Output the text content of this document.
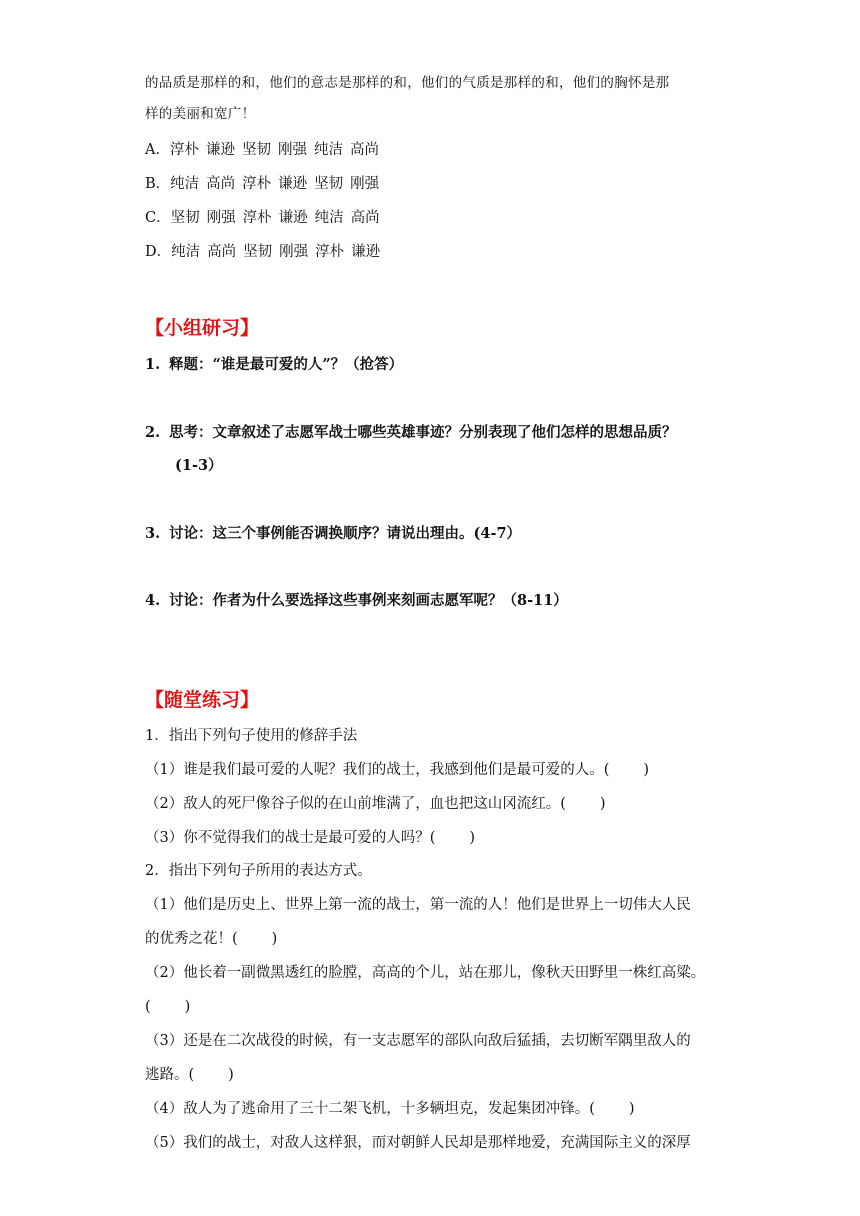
的品质是那样的和，他们的意志是那样的和，他们的气质是那样的和，他们的胸怀是那
样的美丽和宽广！
A．淳朴 谦逊 坚韧 刚强 纯洁 高尚
B．纯洁 高尚 淳朴 谦逊 坚韧 刚强
C．坚韧 刚强 淳朴 谦逊 纯洁 高尚
D．纯洁 高尚 坚韧 刚强 淳朴 谦逊
【小组研习】
1. 释题：“谁是最可爱的人”？（抢答）
2. 思考：文章叙述了志愿军战士哪些英雄事迹？分别表现了他们怎样的思想品质？
(1-3）
3. 讨论：这三个事例能否调换顺序？请说出理由。(4-7）
4. 讨论：作者为什么要选择这些事例来刻画志愿军呢？（8-11）
【随堂练习】
1．指出下列句子使用的修辞手法
（1）谁是我们最可爱的人呢？我们的战士，我感到他们是最可爱的人。( )
（2）敌人的死尸像谷子似的在山前堆满了，血也把这山冈流红。( )
（3）你不觉得我们的战士是最可爱的人吗？( )
2．指出下列句子所用的表达方式。
（1）他们是历史上、世界上第一流的战士，第一流的人！他们是世界上一切伟大人民
的优秀之花！( )
（2）他长着一副微黑透红的脸膛，高高的个儿，站在那儿，像秋天田野里一株红高粱。
( )
（3）还是在二次战役的时候，有一支志愿军的部队向敌后猛插，去切断军隅里敌人的
逃路。( )
（4）敌人为了逃命用了三十二架飞机，十多辆坦克，发起集团冲锋。( )
（5）我们的战士，对敌人这样狠，而对朝鲜人民却是那样地爱，充满国际主义的深厚
